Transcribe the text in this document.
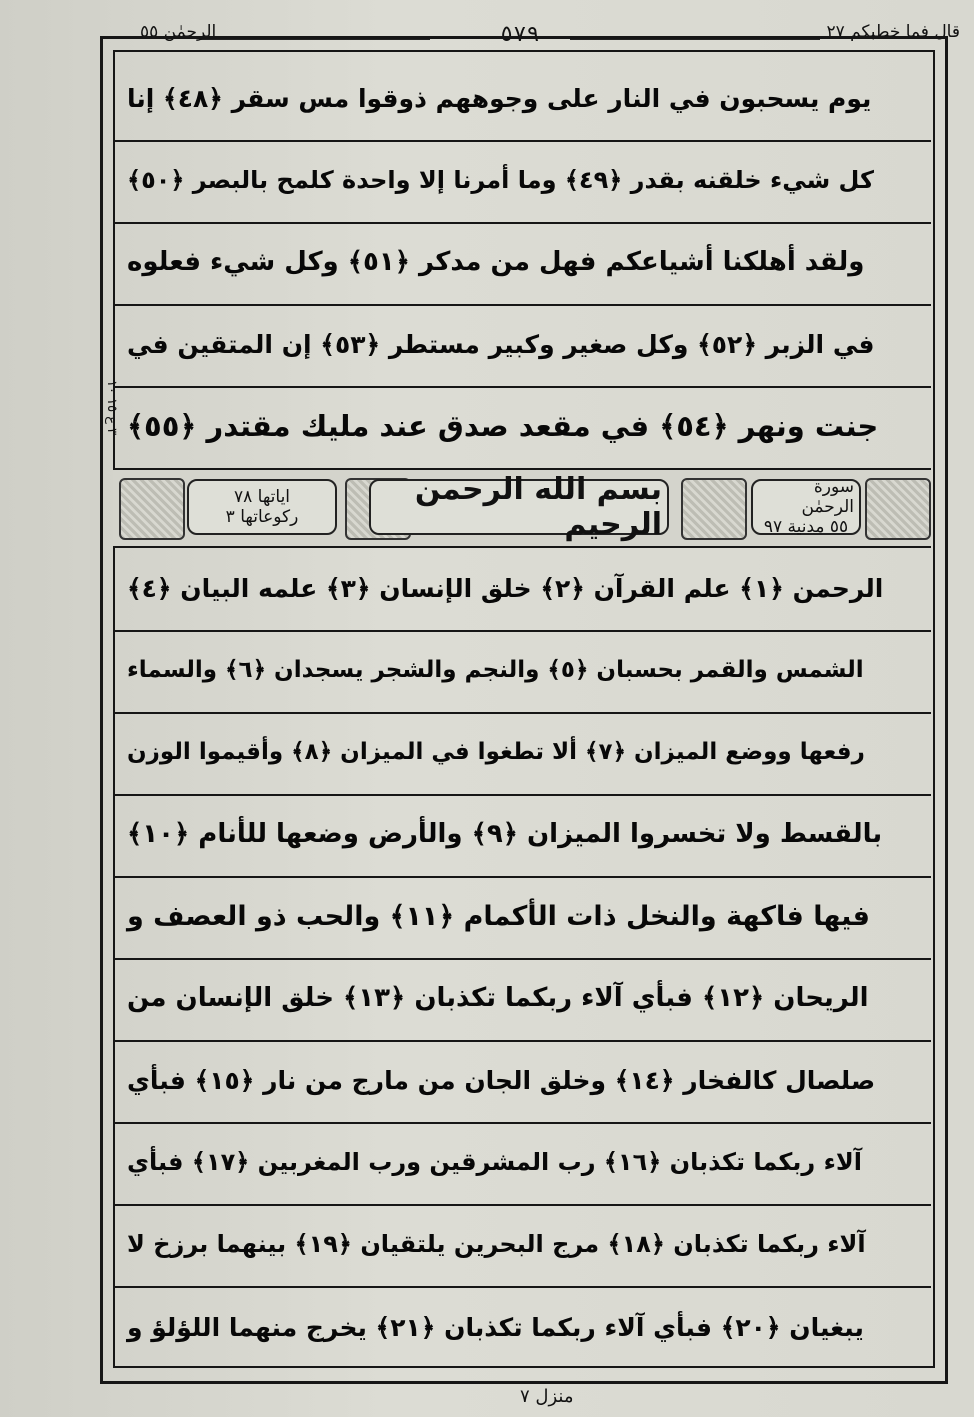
الرحمٰن ٥٥	٥٧٩	قال فما خطبكم ٢٧
يوم يسحبون في النار على وجوههم ذوقوا مس سقر ﴿٤٨﴾ إنا
كل شيء خلقنه بقدر ﴿٤٩﴾ وما أمرنا إلا واحدة كلمح بالبصر ﴿٥٠﴾
ولقد أهلكنا أشياعكم فهل من مدكر ﴿٥١﴾ وكل شيء فعلوه
في الزبر ﴿٥٢﴾ وكل صغير وكبير مستطر ﴿٥٣﴾ إن المتقين في
جنت ونهر ﴿٥٤﴾ في مقعد صدق عند مليك مقتدر ﴿٥٥﴾
اياتها ٧٨
ركوعاتها ٣
بسم الله الرحمن الرحيم
سورة الرحمٰن
٥٥ مدنية ٩٧
الرحمن ﴿١﴾ علم القرآن ﴿٢﴾ خلق الإنسان ﴿٣﴾ علمه البيان ﴿٤﴾
الشمس والقمر بحسبان ﴿٥﴾ والنجم والشجر يسجدان ﴿٦﴾ والسماء
رفعها ووضع الميزان ﴿٧﴾ ألا تطغوا في الميزان ﴿٨﴾ وأقيموا الوزن
بالقسط ولا تخسروا الميزان ﴿٩﴾ والأرض وضعها للأنام ﴿١٠﴾
فيها فاكهة والنخل ذات الأكمام ﴿١١﴾ والحب ذو العصف و
الريحان ﴿١٢﴾ فبأي آلاء ربكما تكذبان ﴿١٣﴾ خلق الإنسان من
صلصال كالفخار ﴿١٤﴾ وخلق الجان من مارج من نار ﴿١٥﴾ فبأي
آلاء ربكما تكذبان ﴿١٦﴾ رب المشرقين ورب المغربين ﴿١٧﴾ فبأي
آلاء ربكما تكذبان ﴿١٨﴾ مرج البحرين يلتقيان ﴿١٩﴾ بينهما برزخ لا
يبغيان ﴿٢٠﴾ فبأي آلاء ربكما تكذبان ﴿٢١﴾ يخرج منهما اللؤلؤ و
٣ ع ١٥ ١٠
منزل ٧
